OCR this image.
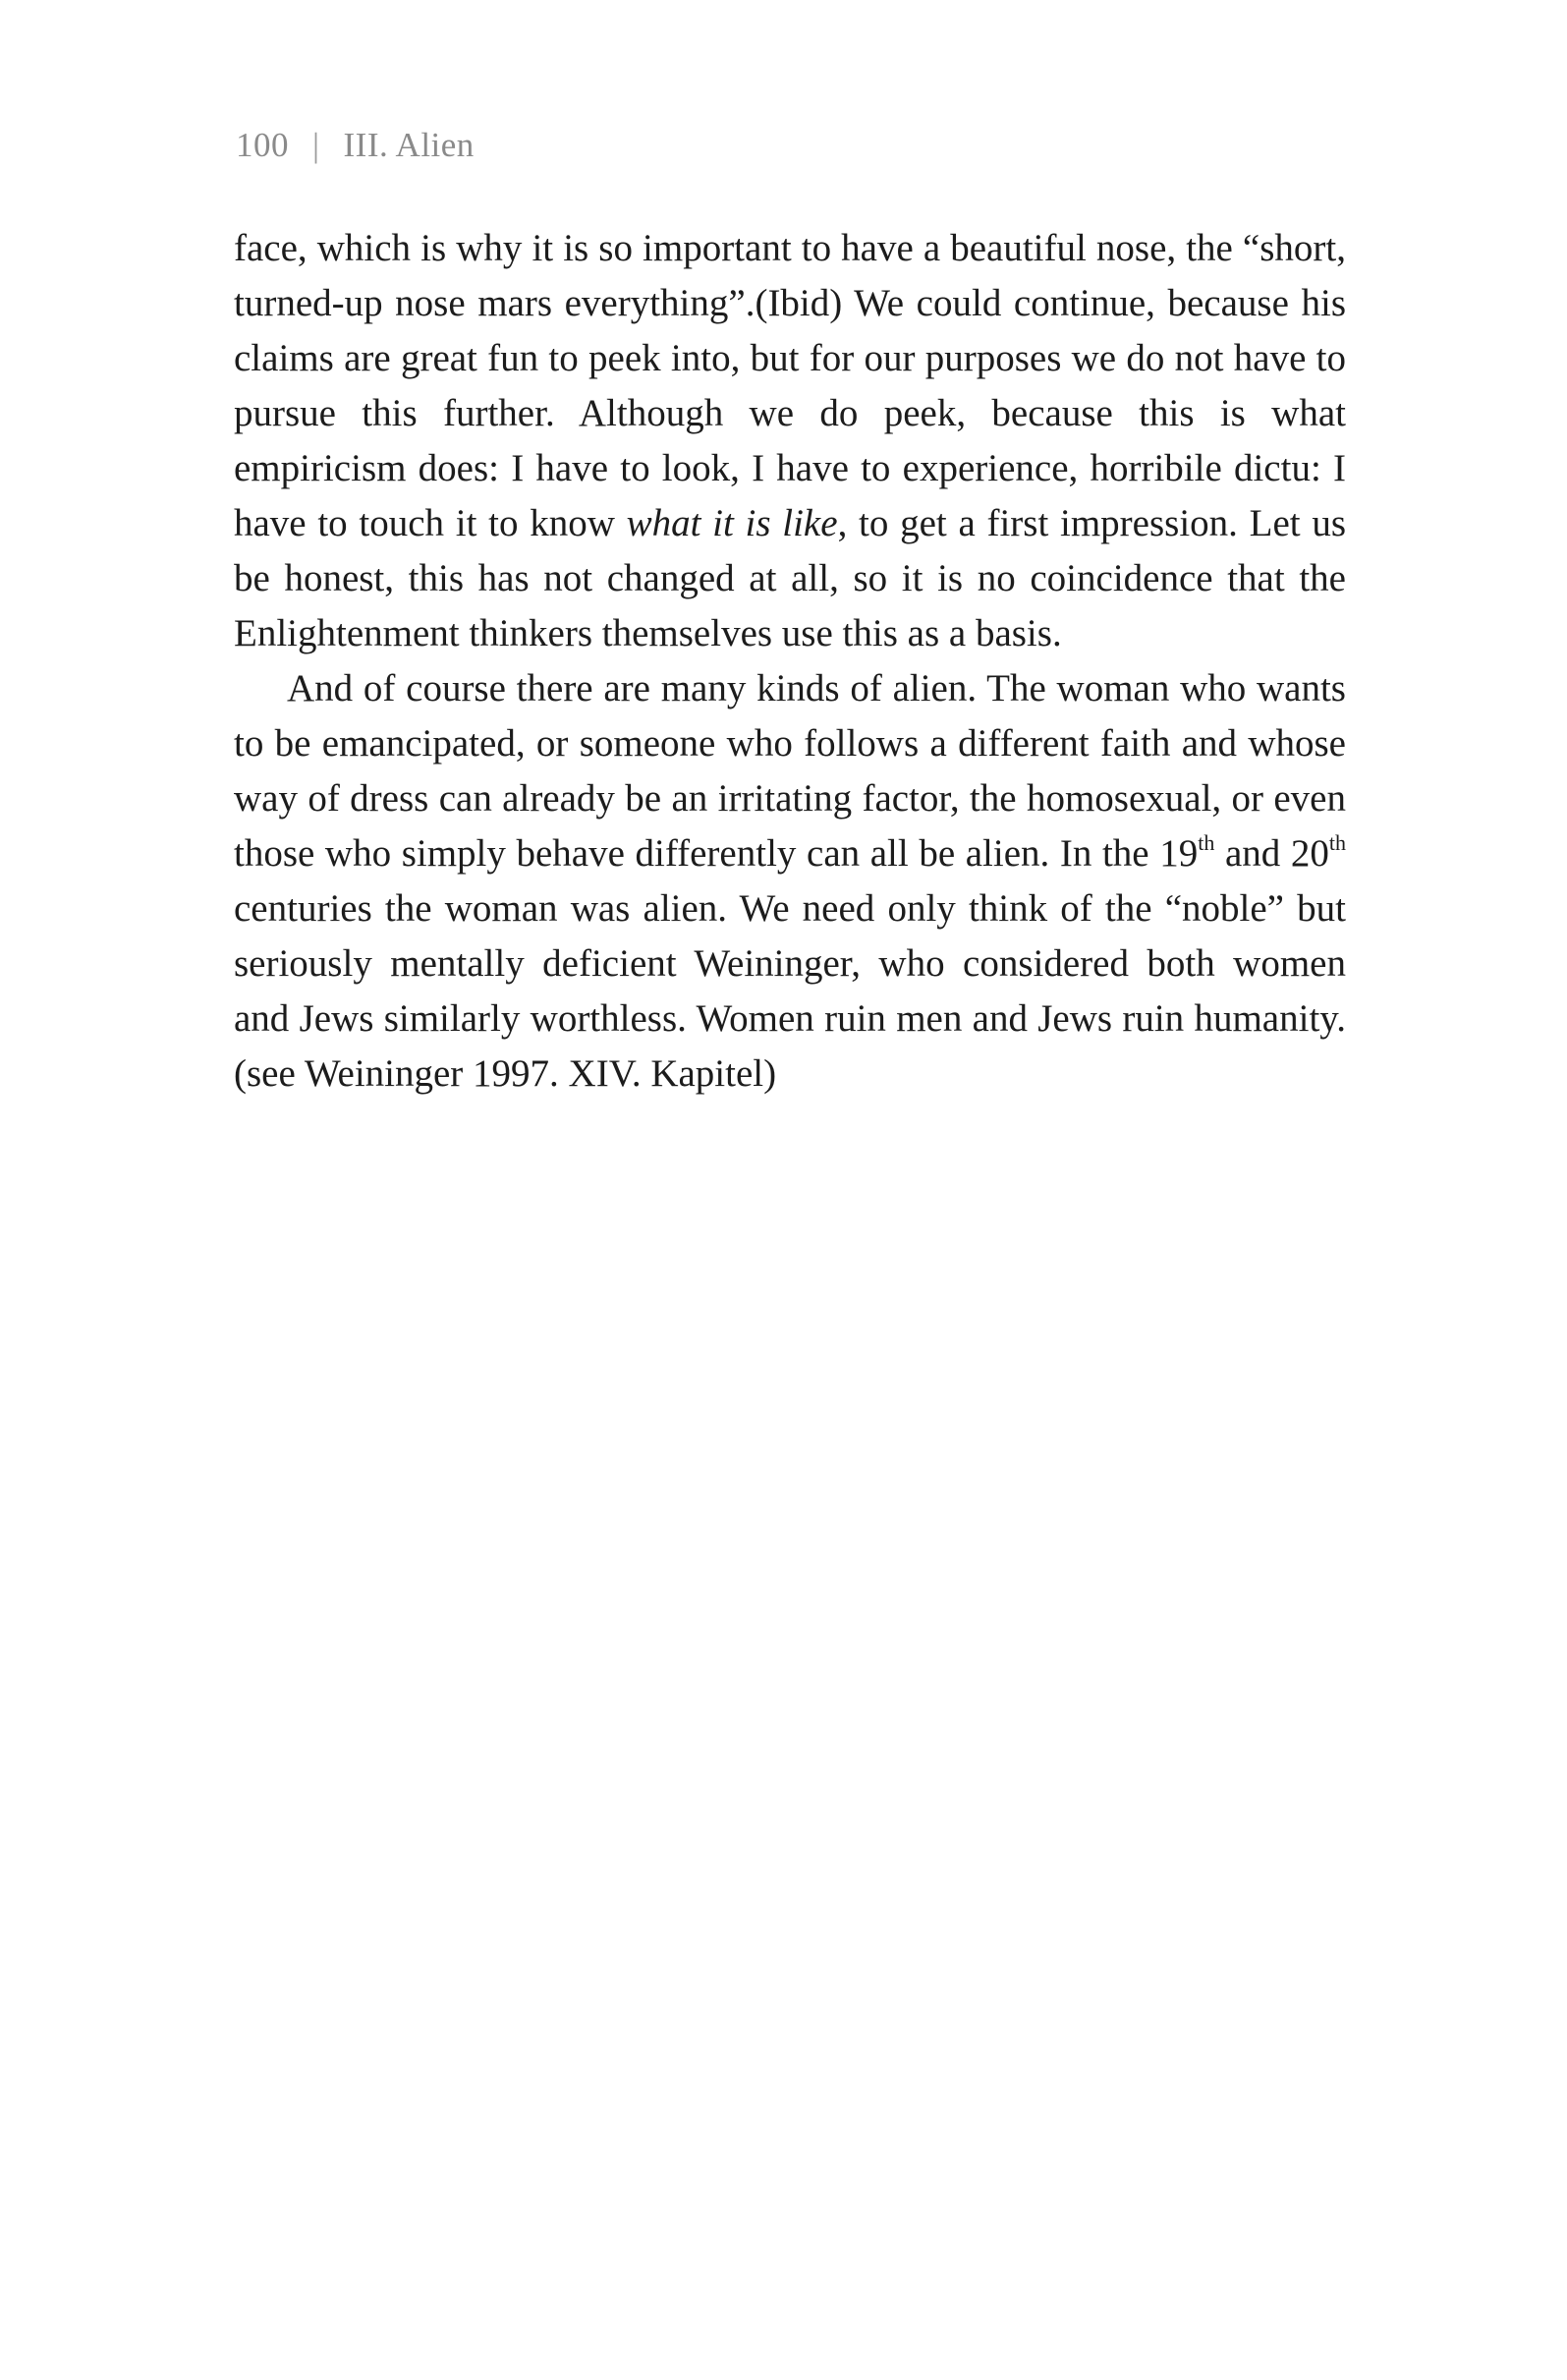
100 | III. Alien

face, which is why it is so important to have a beautiful nose, the “short, turned-up nose mars everything”.(Ibid) We could continue, because his claims are great fun to peek into, but for our purposes we do not have to pursue this further. Although we do peek, because this is what empiricism does: I have to look, I have to experience, horribile dictu: I have to touch it to know what it is like, to get a first impression. Let us be honest, this has not changed at all, so it is no coincidence that the Enlightenment thinkers themselves use this as a basis.

And of course there are many kinds of alien. The woman who wants to be emancipated, or someone who follows a different faith and whose way of dress can already be an irritating factor, the homosexual, or even those who simply behave differently can all be alien. In the 19th and 20th centuries the woman was alien. We need only think of the “noble” but seriously mentally deficient Weininger, who considered both women and Jews similarly worthless. Women ruin men and Jews ruin humanity. (see Weininger 1997. XIV. Kapitel)
